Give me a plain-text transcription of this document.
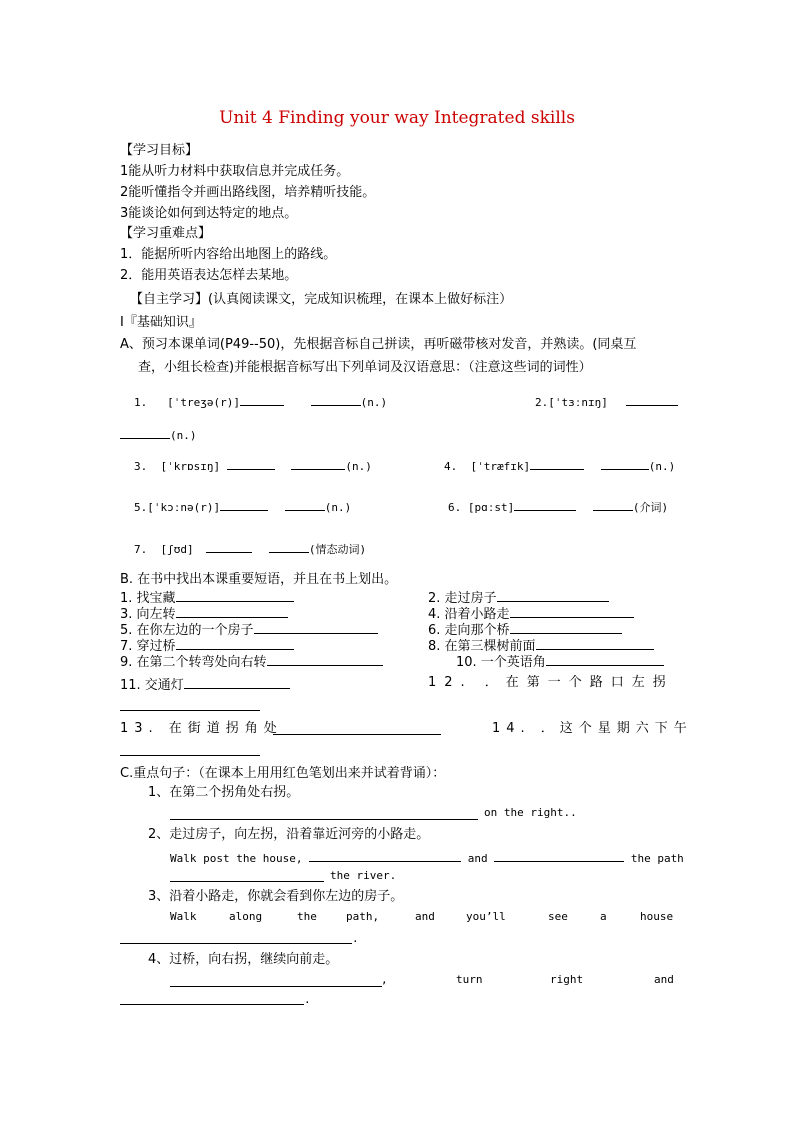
Unit 4 Finding your way Integrated skills
【学习目标】
1能从听力材料中获取信息并完成任务。
2能听懂指令并画出路线图，培养精听技能。
3能谈论如何到达特定的地点。
【学习重难点】
1．能据所听内容给出地图上的路线。
2．能用英语表达怎样去某地。
【自主学习】(认真阅读课文，完成知识梳理，在课本上做好标注）
Ⅰ『基础知识』
A、预习本课单词(P49--50)，先根据音标自己拼读，再听磁带核对发音，并熟读。(同桌互
查，小组长检查)并能根据音标写出下列单词及汉语意思：（注意这些词的词性）
1. [ˈtreʒə(r)]	(n.)	2.[ˈtɜːnɪŋ]
(n.)
3. [ˈkrɒsɪŋ]	(n.)	4. [ˈtræfɪk]	(n.)
5.[ˈkɔːnə(r)]	(n.)	6. [pɑːst]	(介词)
7. [ʃʊd]	(情态动词)
B. 在书中找出本课重要短语，并且在书上划出。
1. 找宝藏	2. 走过房子
3. 向左转	4. 沿着小路走
5. 在你左边的一个房子	6. 走向那个桥
7. 穿过桥	8. 在第三棵树前面
9. 在第二个转弯处向右转	10. 一个英语角
11. 交通灯	12. ．在第一个路口左拐
13. 在街道拐角处	14. ．这个星期六下午
C.重点句子：（在课本上用用红色笔划出来并试着背诵）：
1、在第二个拐角处右拐。
on the right..
2、走过房子，向左拐，沿着靠近河旁的小路走。
Walk post the house,	and	the path
the river.
3、沿着小路走，你就会看到你左边的房子。
Walk	along	the	path,	and	you’ll	see	a	house
.
4、过桥，向右拐，继续向前走。
,	turn	right	and
.
